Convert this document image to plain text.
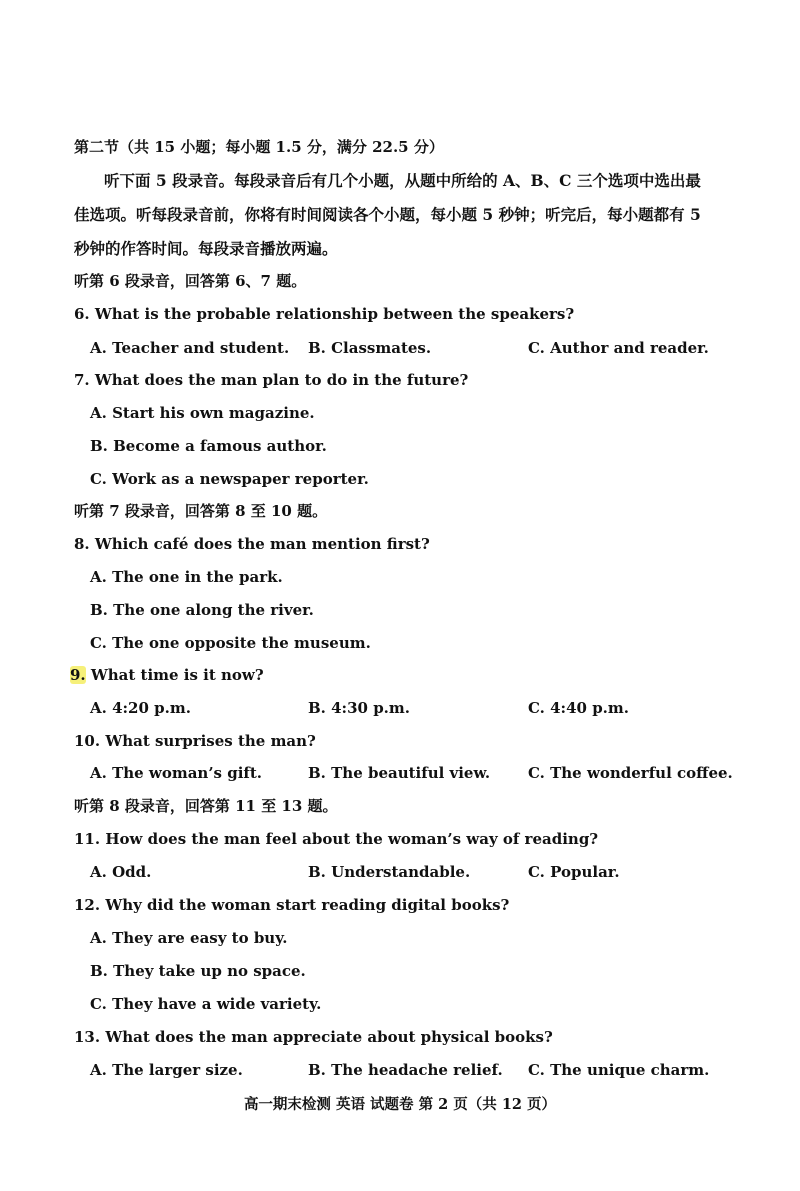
第二节（共 15 小题；每小题 1.5 分，满分 22.5 分）
听下面 5 段录音。每段录音后有几个小题，从题中所给的 A、B、C 三个选项中选出最
佳选项。听每段录音前，你将有时间阅读各个小题，每小题 5 秒钟；听完后，每小题都有 5
秒钟的作答时间。每段录音播放两遍。
听第 6 段录音，回答第 6、7 题。
6. What is the probable relationship between the speakers?
A. Teacher and student. B. Classmates.	C. Author and reader.
7. What does the man plan to do in the future?
A. Start his own magazine.
B. Become a famous author.
C. Work as a newspaper reporter.
听第 7 段录音，回答第 8 至 10 题。
8. Which café does the man mention first?
A. The one in the park.
B. The one along the river.
C. The one opposite the museum.
9. What time is it now?
A. 4:20 p.m.	B. 4:30 p.m.	C. 4:40 p.m.
10. What surprises the man?
A. The woman’s gift.	B. The beautiful view.	C. The wonderful coffee.
听第 8 段录音，回答第 11 至 13 题。
11. How does the man feel about the woman’s way of reading?
A. Odd.	B. Understandable.	C. Popular.
12. Why did the woman start reading digital books?
A. They are easy to buy.
B. They take up no space.
C. They have a wide variety.
13. What does the man appreciate about physical books?
A. The larger size.	B. The headache relief. C. The unique charm.
高一期末检测 英语 试题卷 第 2 页（共 12 页）
